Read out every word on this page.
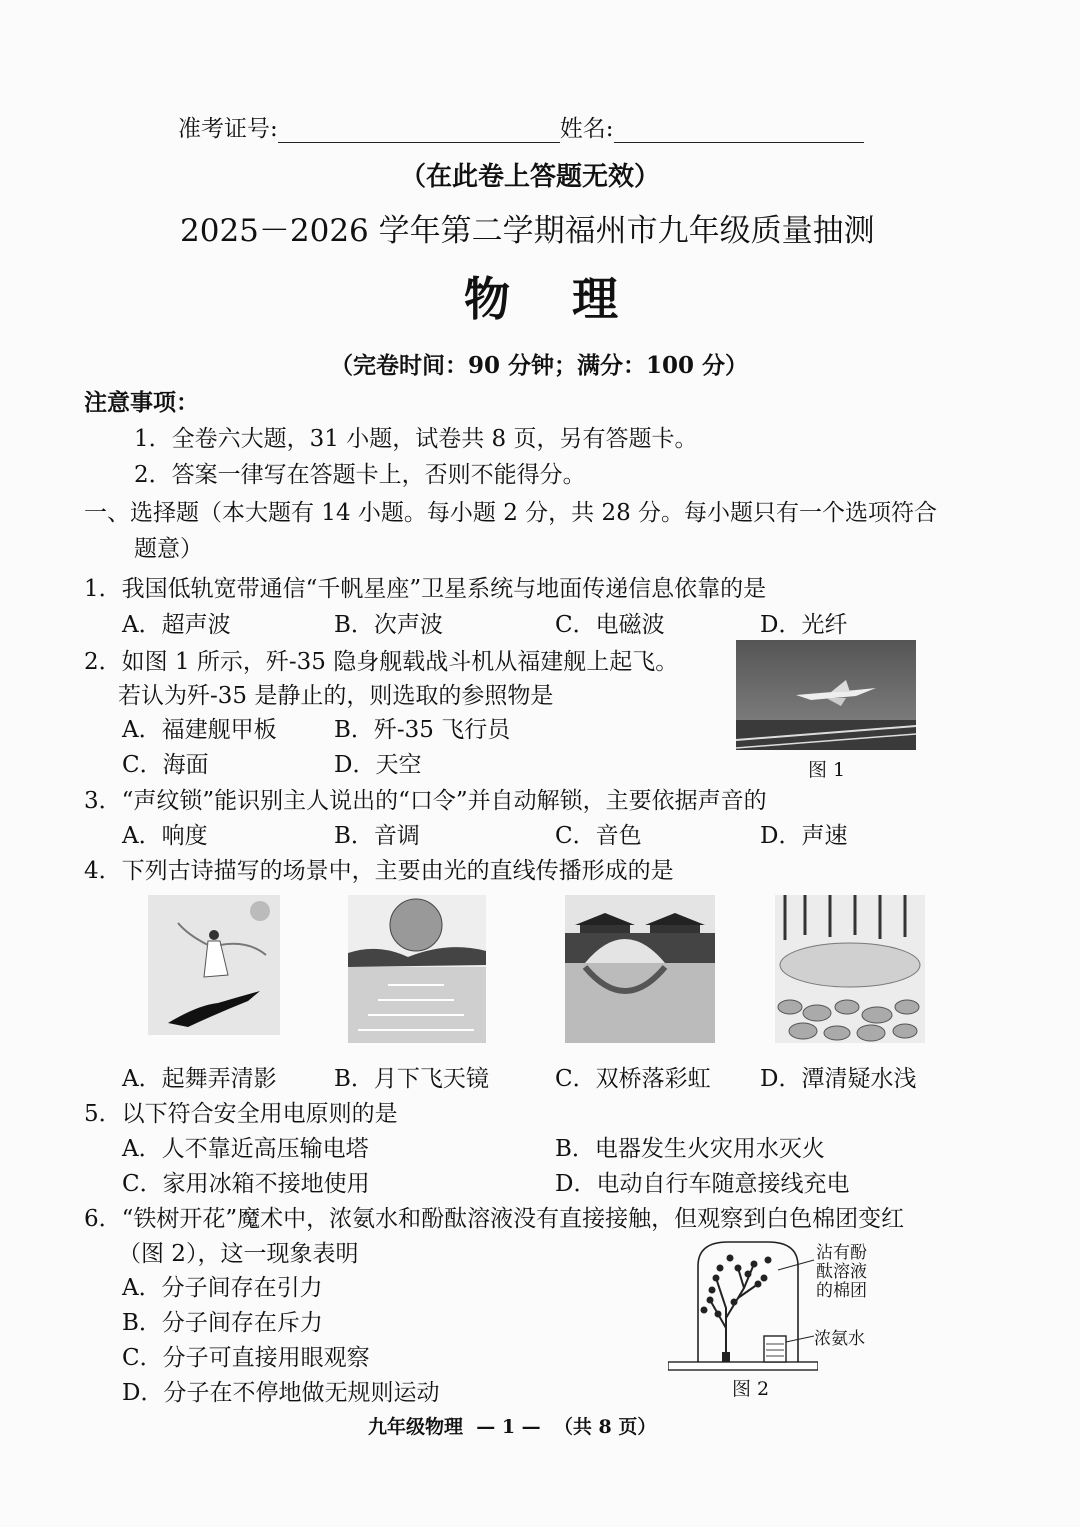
准考证号:	姓名:
（在此卷上答题无效）
2025－2026 学年第二学期福州市九年级质量抽测
物  理
（完卷时间：90 分钟；满分：100 分）
注意事项：
1．全卷六大题，31 小题，试卷共 8 页，另有答题卡。
2．答案一律写在答题卡上，否则不能得分。
一、选择题（本大题有 14 小题。每小题 2 分，共 28 分。每小题只有一个选项符合
题意）
1．我国低轨宽带通信“千帆星座”卫星系统与地面传递信息依靠的是
A．超声波	B．次声波	C．电磁波	D．光纤
2．如图 1 所示，歼-35 隐身舰载战斗机从福建舰上起飞。
若认为歼-35 是静止的，则选取的参照物是
A．福建舰甲板 B．歼-35 飞行员
C．海面	D．天空	图 1
3．“声纹锁”能识别主人说出的“口令”并自动解锁，主要依据声音的
A．响度	B．音调	C．音色	D．声速
4．下列古诗描写的场景中，主要由光的直线传播形成的是
A．起舞弄清影 B．月下飞天镜	C．双桥落彩虹 D．潭清疑水浅
5．以下符合安全用电原则的是
A．人不靠近高压输电塔	B．电器发生火灾用水灭火
C．家用冰箱不接地使用	D．电动自行车随意接线充电
6．“铁树开花”魔术中，浓氨水和酚酞溶液没有直接接触，但观察到白色棉团变红
（图 2），这一现象表明
A．分子间存在引力
B．分子间存在斥力
C．分子可直接用眼观察
D．分子在不停地做无规则运动
沾有酚
酞溶液
的棉团
浓氨水
图 2
九年级物理  — 1 —  （共 8 页）
